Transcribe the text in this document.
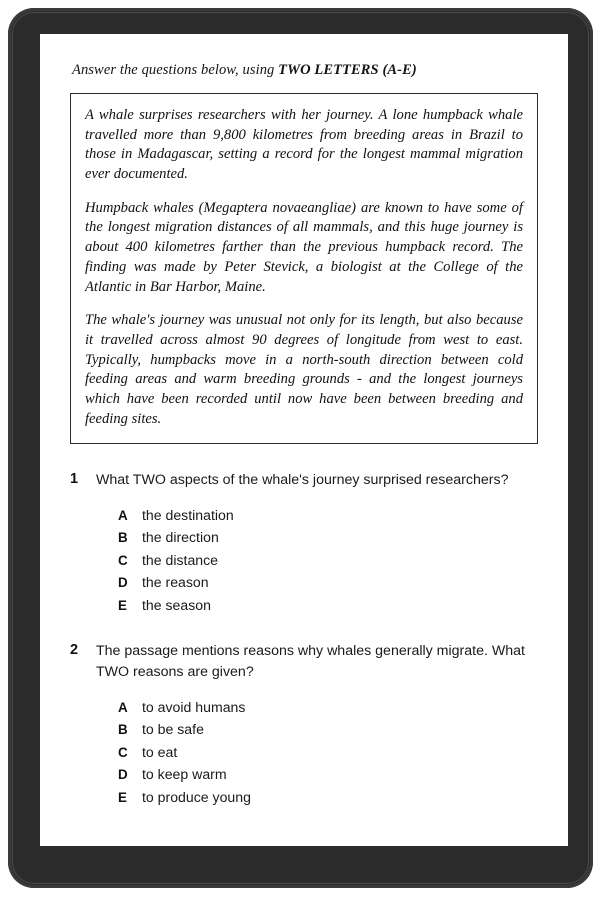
Answer the questions below, using TWO LETTERS (A-E)

A whale surprises researchers with her journey. A lone humpback whale travelled more than 9,800 kilometres from breeding areas in Brazil to those in Madagascar, setting a record for the longest mammal migration ever documented.

Humpback whales (Megaptera novaeangliae) are known to have some of the longest migration distances of all mammals, and this huge journey is about 400 kilometres farther than the previous humpback record. The finding was made by Peter Stevick, a biologist at the College of the Atlantic in Bar Harbor, Maine.

The whale's journey was unusual not only for its length, but also because it travelled across almost 90 degrees of longitude from west to east. Typically, humpbacks move in a north-south direction between cold feeding areas and warm breeding grounds - and the longest journeys which have been recorded until now have been between breeding and feeding sites.

1	What TWO aspects of the whale's journey surprised researchers?

A	the destination
B	the direction
C	the distance
D	the reason
E	the season
2	The passage mentions reasons why whales generally migrate. What TWO reasons are given?

A	to avoid humans
B	to be safe
C	to eat
D	to keep warm
E	to produce young
